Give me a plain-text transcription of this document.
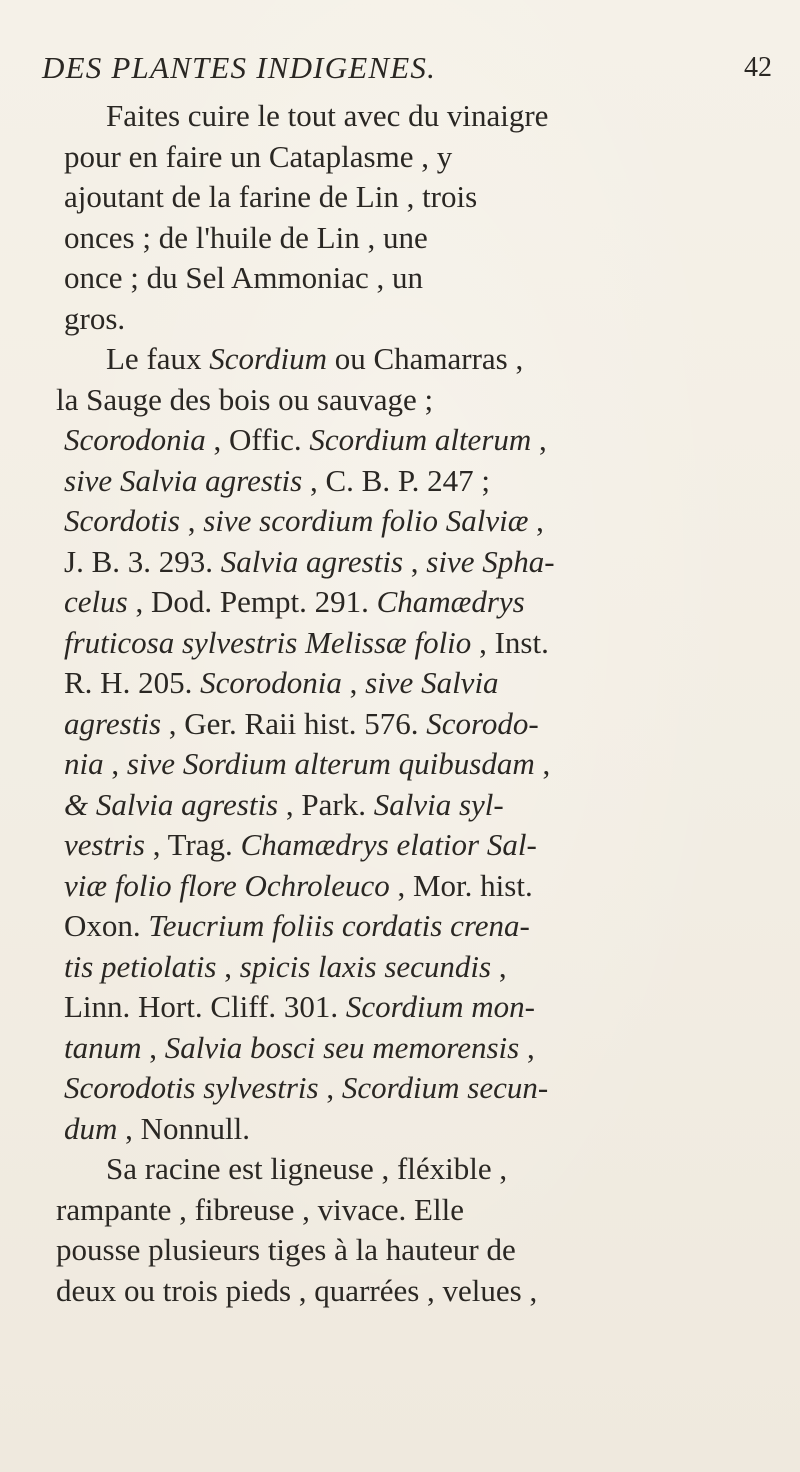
DES PLANTES INDIGENES.	42
Faites cuire le tout avec du vinaigre
pour en faire un Cataplasme , y
ajoutant de la farine de Lin , trois
onces ; de l'huile de Lin , une
once ; du Sel Ammoniac , un
gros.
Le faux Scordium ou Chamarras ,
la Sauge des bois ou sauvage ;
Scorodonia , Offic. Scordium alterum ,
sive Salvia agrestis , C. B. P. 247 ;
Scordotis , sive scordium folio Salviæ ,
J. B. 3. 293. Salvia agrestis , sive Spha-
celus , Dod. Pempt. 291. Chamædrys
fruticosa sylvestris Melissæ folio , Inst.
R. H. 205. Scorodonia , sive Salvia
agrestis , Ger. Raii hist. 576. Scorodo-
nia , sive Sordium alterum quibusdam ,
& Salvia agrestis , Park. Salvia syl-
vestris , Trag. Chamædrys elatior Sal-
viæ folio flore Ochroleuco , Mor. hist.
Oxon. Teucrium foliis cordatis crena-
tis petiolatis , spicis laxis secundis ,
Linn. Hort. Cliff. 301. Scordium mon-
tanum , Salvia bosci seu memorensis ,
Scorodotis sylvestris , Scordium secun-
dum , Nonnull.
Sa racine est ligneuse , fléxible ,
rampante , fibreuse , vivace. Elle
pousse plusieurs tiges à la hauteur de
deux ou trois pieds , quarrées , velues ,
